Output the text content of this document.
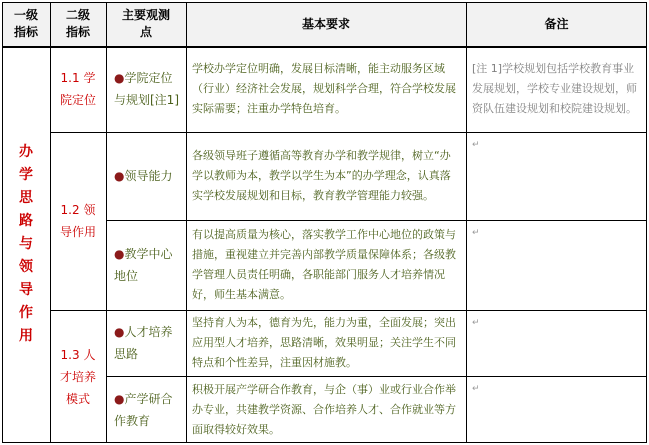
一级指标
二级指标
主要观测点
基本要求	备注
办学思路与领导作用
1.1 学院定位
1.2 领导作用
1.3 人才培养模式
●学院定位与规划[注1]
●领导能力
●教学中心地位
●人才培养思路
●产学研合作教育
学校办学定位明确，发展目标清晰，能主动服务区域（行业）经济社会发展，规划科学合理，符合学校发展实际需要；注重办学特色培育。
各级领导班子遵循高等教育办学和教学规律，树立“办学以教师为本，教学以学生为本”的办学理念，认真落实学校发展规划和目标，教育教学管理能力较强。
有以提高质量为核心，落实教学工作中心地位的政策与措施，重视建立并完善内部教学质量保障体系；各级教学管理人员责任明确，各职能部门服务人才培养情况好，师生基本满意。
坚持育人为本，德育为先，能力为重，全面发展；突出应用型人才培养，思路清晰，效果明显；关注学生不同特点和个性差异，注重因材施教。
积极开展产学研合作教育，与企（事）业或行业合作举办专业，共建教学资源、合作培养人才、合作就业等方面取得较好效果。
[注 1]学校规划包括学校教育事业发展规划，学校专业建设规划，师资队伍建设规划和校院建设规划。
↵
↵
↵
↵
